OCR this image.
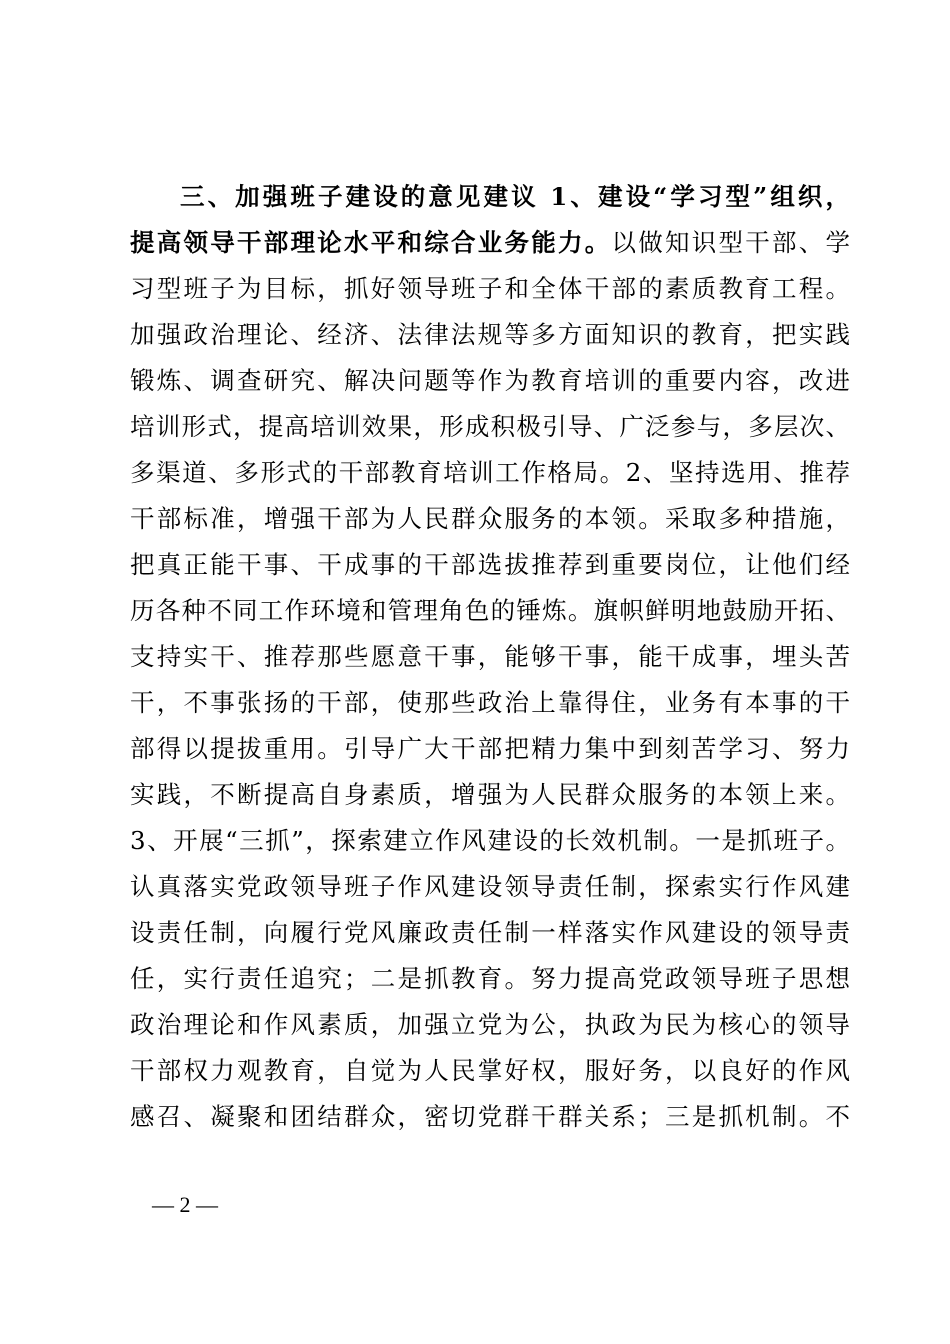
三、加强班子建设的意见建议 1、建设“学习型”组织，
提高领导干部理论水平和综合业务能力。以做知识型干部、学
习型班子为目标，抓好领导班子和全体干部的素质教育工程。
加强政治理论、经济、法律法规等多方面知识的教育，把实践
锻炼、调查研究、解决问题等作为教育培训的重要内容，改进
培训形式，提高培训效果，形成积极引导、广泛参与，多层次、
多渠道、多形式的干部教育培训工作格局。2、坚持选用、推荐
干部标准，增强干部为人民群众服务的本领。采取多种措施，
把真正能干事、干成事的干部选拔推荐到重要岗位，让他们经
历各种不同工作环境和管理角色的锤炼。旗帜鲜明地鼓励开拓、
支持实干、推荐那些愿意干事，能够干事，能干成事，埋头苦
干，不事张扬的干部，使那些政治上靠得住，业务有本事的干
部得以提拔重用。引导广大干部把精力集中到刻苦学习、努力
实践，不断提高自身素质，增强为人民群众服务的本领上来。
3、开展“三抓”，探索建立作风建设的长效机制。一是抓班子。
认真落实党政领导班子作风建设领导责任制，探索实行作风建
设责任制，向履行党风廉政责任制一样落实作风建设的领导责
任，实行责任追究；二是抓教育。努力提高党政领导班子思想
政治理论和作风素质，加强立党为公，执政为民为核心的领导
干部权力观教育，自觉为人民掌好权，服好务，以良好的作风
感召、凝聚和团结群众，密切党群干群关系；三是抓机制。不
— 2 —
